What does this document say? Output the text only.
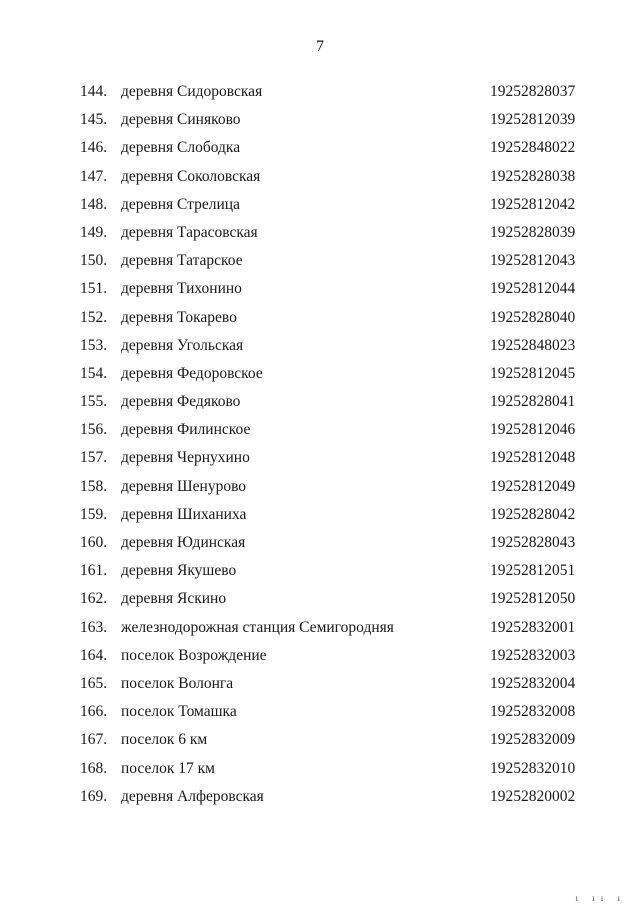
7
144. деревня Сидоровская	19252828037
145. деревня Синяково	19252812039
146. деревня Слободка	19252848022
147. деревня Соколовская	19252828038
148. деревня Стрелица	19252812042
149. деревня Тарасовская	19252828039
150. деревня Татарское	19252812043
151. деревня Тихонино	19252812044
152. деревня Токарево	19252828040
153. деревня Угольская	19252848023
154. деревня Федоровское	19252812045
155. деревня Федяково	19252828041
156. деревня Филинское	19252812046
157. деревня Чернухино	19252812048
158. деревня Шенурово	19252812049
159. деревня Шиханиха	19252828042
160. деревня Юдинская	19252828043
161. деревня Якушево	19252812051
162. деревня Яскино	19252812050
163. железнодорожная станция Семигородняя	19252832001
164. поселок Возрождение	19252832003
165. поселок Волонга	19252832004
166. поселок Томашка	19252832008
167. поселок 6 км	19252832009
168. поселок 17 км	19252832010
169. деревня Алферовская	19252820002
ı ıı ı
